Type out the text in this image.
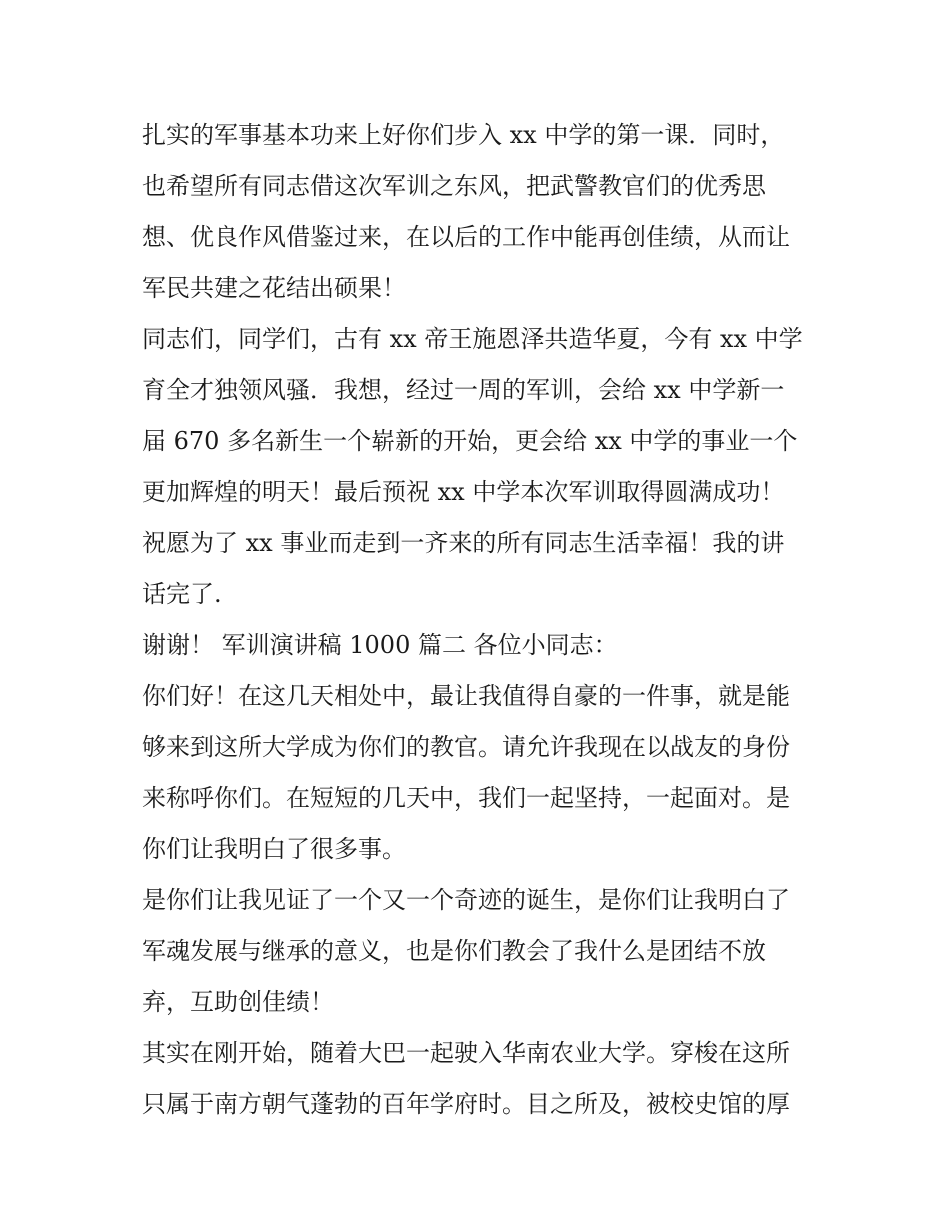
扎实的军事基本功来上好你们步入 xx 中学的第一课．同时，
也希望所有同志借这次军训之东风，把武警教官们的优秀思
想、优良作风借鉴过来，在以后的工作中能再创佳绩，从而让
军民共建之花结出硕果！
同志们，同学们，古有 xx 帝王施恩泽共造华夏，今有 xx 中学
育全才独领风骚．我想，经过一周的军训，会给 xx 中学新一
届 670 多名新生一个崭新的开始，更会给 xx 中学的事业一个
更加辉煌的明天！最后预祝 xx 中学本次军训取得圆满成功！
祝愿为了 xx 事业而走到一齐来的所有同志生活幸福！我的讲
话完了.
谢谢！ 军训演讲稿 1000 篇二 各位小同志：
你们好！在这几天相处中，最让我值得自豪的一件事，就是能
够来到这所大学成为你们的教官。请允许我现在以战友的身份
来称呼你们。在短短的几天中，我们一起坚持，一起面对。是
你们让我明白了很多事。
是你们让我见证了一个又一个奇迹的诞生，是你们让我明白了
军魂发展与继承的意义，也是你们教会了我什么是团结不放
弃，互助创佳绩！
其实在刚开始，随着大巴一起驶入华南农业大学。穿梭在这所
只属于南方朝气蓬勃的百年学府时。目之所及，被校史馆的厚
